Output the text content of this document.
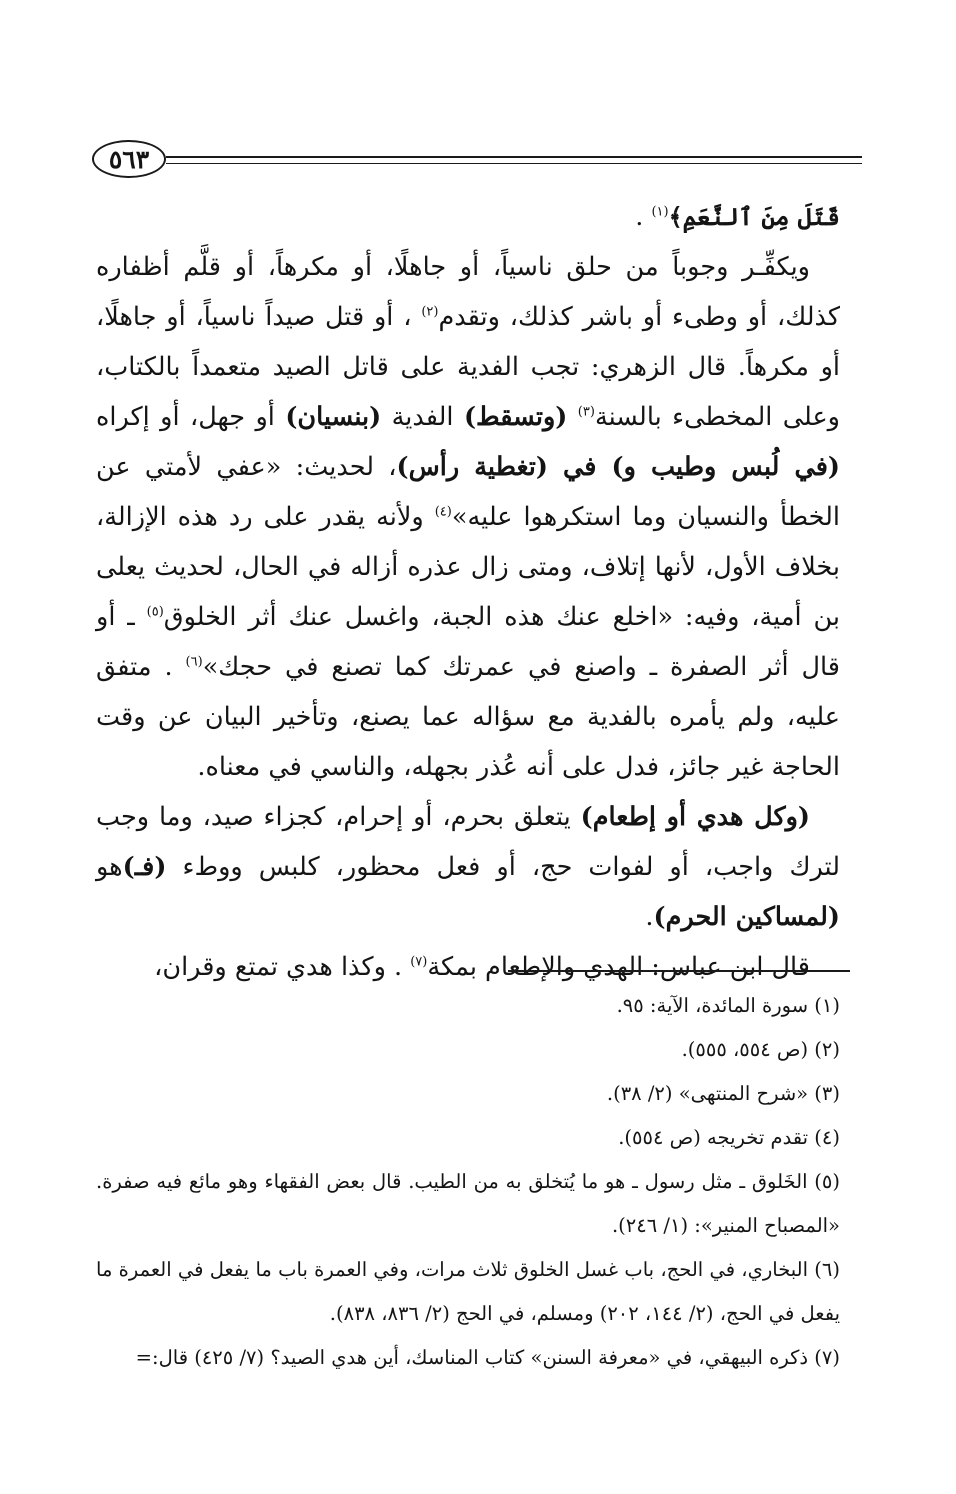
٥٦٣

قَتَلَ مِنَ ٱلنَّعَمِ﴾$^{(١)}$ .

ويكفِّـر وجوباً من حلق ناسياً، أو جاهلًا، أو مكرهاً، أو قلَّم أظفاره كذلك، أو وطىء أو باشر كذلك، وتقدم$^{(٢)}$ ، أو قتل صيداً ناسياً، أو جاهلًا، أو مكرهاً. قال الزهري: تجب الفدية على قاتل الصيد متعمداً بالكتاب، وعلى المخطىء بالسنة$^{(٣)}$ (وتسقط) الفدية (بنسيان) أو جهل، أو إكراه (في لُبس وطيب و) في (تغطية رأس)، لحديث: «عفي لأمتي عن الخطأ والنسيان وما استكرهوا عليه»$^{(٤)}$ ولأنه يقدر على رد هذه الإزالة، بخلاف الأول، لأنها إتلاف، ومتى زال عذره أزاله في الحال، لحديث يعلى بن أمية، وفيه: «اخلع عنك هذه الجبة، واغسل عنك أثر الخلوق$^{(٥)}$ ـ أو قال أثر الصفرة ـ واصنع في عمرتك كما تصنع في حجك»$^{(٦)}$ . متفق عليه، ولم يأمره بالفدية مع سؤاله عما يصنع، وتأخير البيان عن وقت الحاجة غير جائز، فدل على أنه عُذر بجهله، والناسي في معناه.

(وكل هدي أو إطعام) يتعلق بحرم، أو إحرام، كجزاء صيد، وما وجب لترك واجب، أو لفوات حج، أو فعل محظور، كلبس ووطء (فـ)هو (لمساكين الحرم).

قال ابن عباس: الهدي والإطعام بمكة$^{(٧)}$ . وكذا هدي تمتع وقران،

(١) سورة المائدة، الآية: ٩٥.
(٢) (ص ٥٥٤، ٥٥٥).
(٣) «شرح المنتهى» (٢/ ٣٨).
(٤) تقدم تخريجه (ص ٥٥٤).
(٥) الخَلوق ـ مثل رسول ـ هو ما يُتخلق به من الطيب. قال بعض الفقهاء وهو مائع فيه صفرة. «المصباح المنير»: (١/ ٢٤٦).
(٦) البخاري، في الحج، باب غسل الخلوق ثلاث مرات، وفي العمرة باب ما يفعل في العمرة ما يفعل في الحج، (٢/ ١٤٤، ٢٠٢) ومسلم، في الحج (٢/ ٨٣٦، ٨٣٨).
(٧) ذكره البيهقي، في «معرفة السنن» كتاب المناسك، أين هدي الصيد؟ (٧/ ٤٢٥) قال:=
